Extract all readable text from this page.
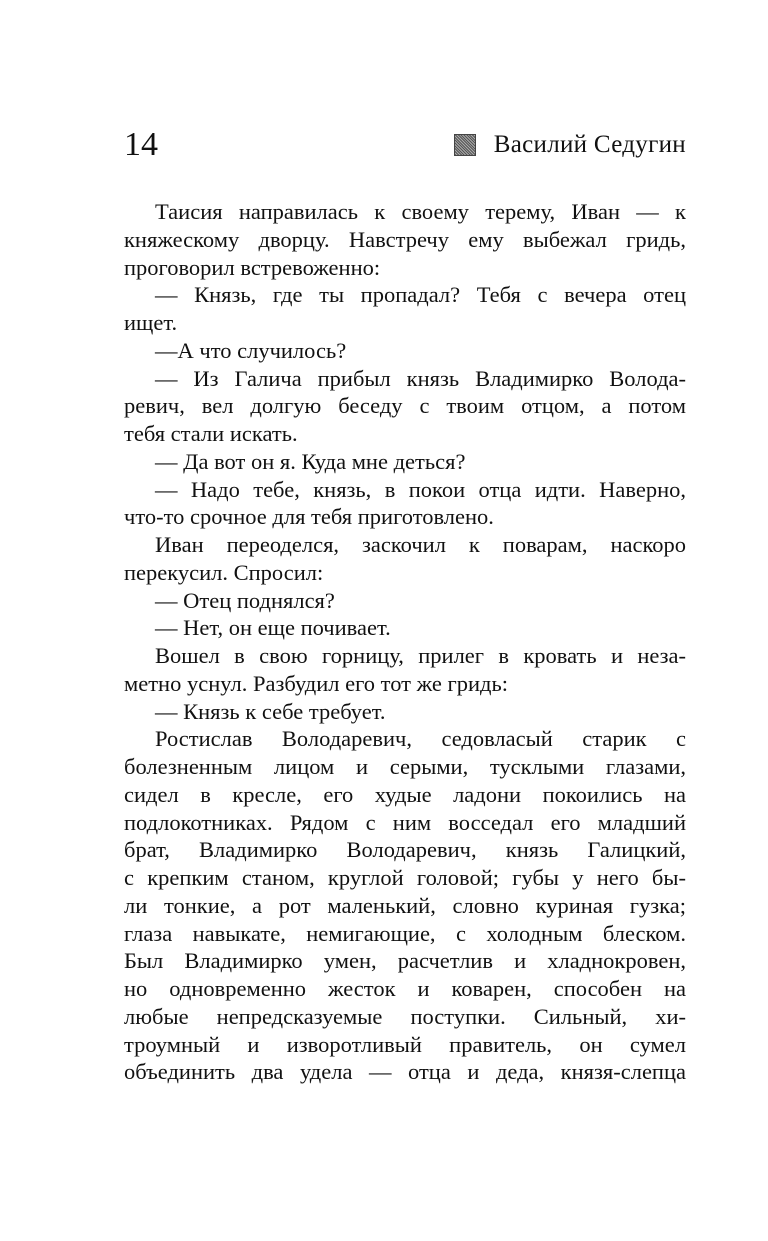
14	Василий Седугин

Таисия направилась к своему терему, Иван — к

княжескому дворцу. Навстречу ему выбежал гридь,

проговорил встревоженно:

— Князь, где ты пропадал? Тебя с вечера отец

ищет.

—А что случилось?

— Из Галича прибыл князь Владимирко Волода-

ревич, вел долгую беседу с твоим отцом, а потом

тебя стали искать.

— Да вот он я. Куда мне деться?

— Надо тебе, князь, в покои отца идти. Наверно,

что-то срочное для тебя приготовлено.

Иван переоделся, заскочил к поварам, наскоро

перекусил. Спросил:

— Отец поднялся?

— Нет, он еще почивает.

Вошел в свою горницу, прилег в кровать и неза-

метно уснул. Разбудил его тот же гридь:

— Князь к себе требует.

Ростислав Володаревич, седовласый старик с

болезненным лицом и серыми, тусклыми глазами,

сидел в кресле, его худые ладони покоились на

подлокотниках. Рядом с ним восседал его младший

брат, Владимирко Володаревич, князь Галицкий,

с крепким станом, круглой головой; губы у него бы-

ли тонкие, а рот маленький, словно куриная гузка;

глаза навыкате, немигающие, с холодным блеском.

Был Владимирко умен, расчетлив и хладнокровен,

но одновременно жесток и коварен, способен на

любые непредсказуемые поступки. Сильный, хи-

троумный и изворотливый правитель, он сумел

объединить два удела — отца и деда, князя-слепца
